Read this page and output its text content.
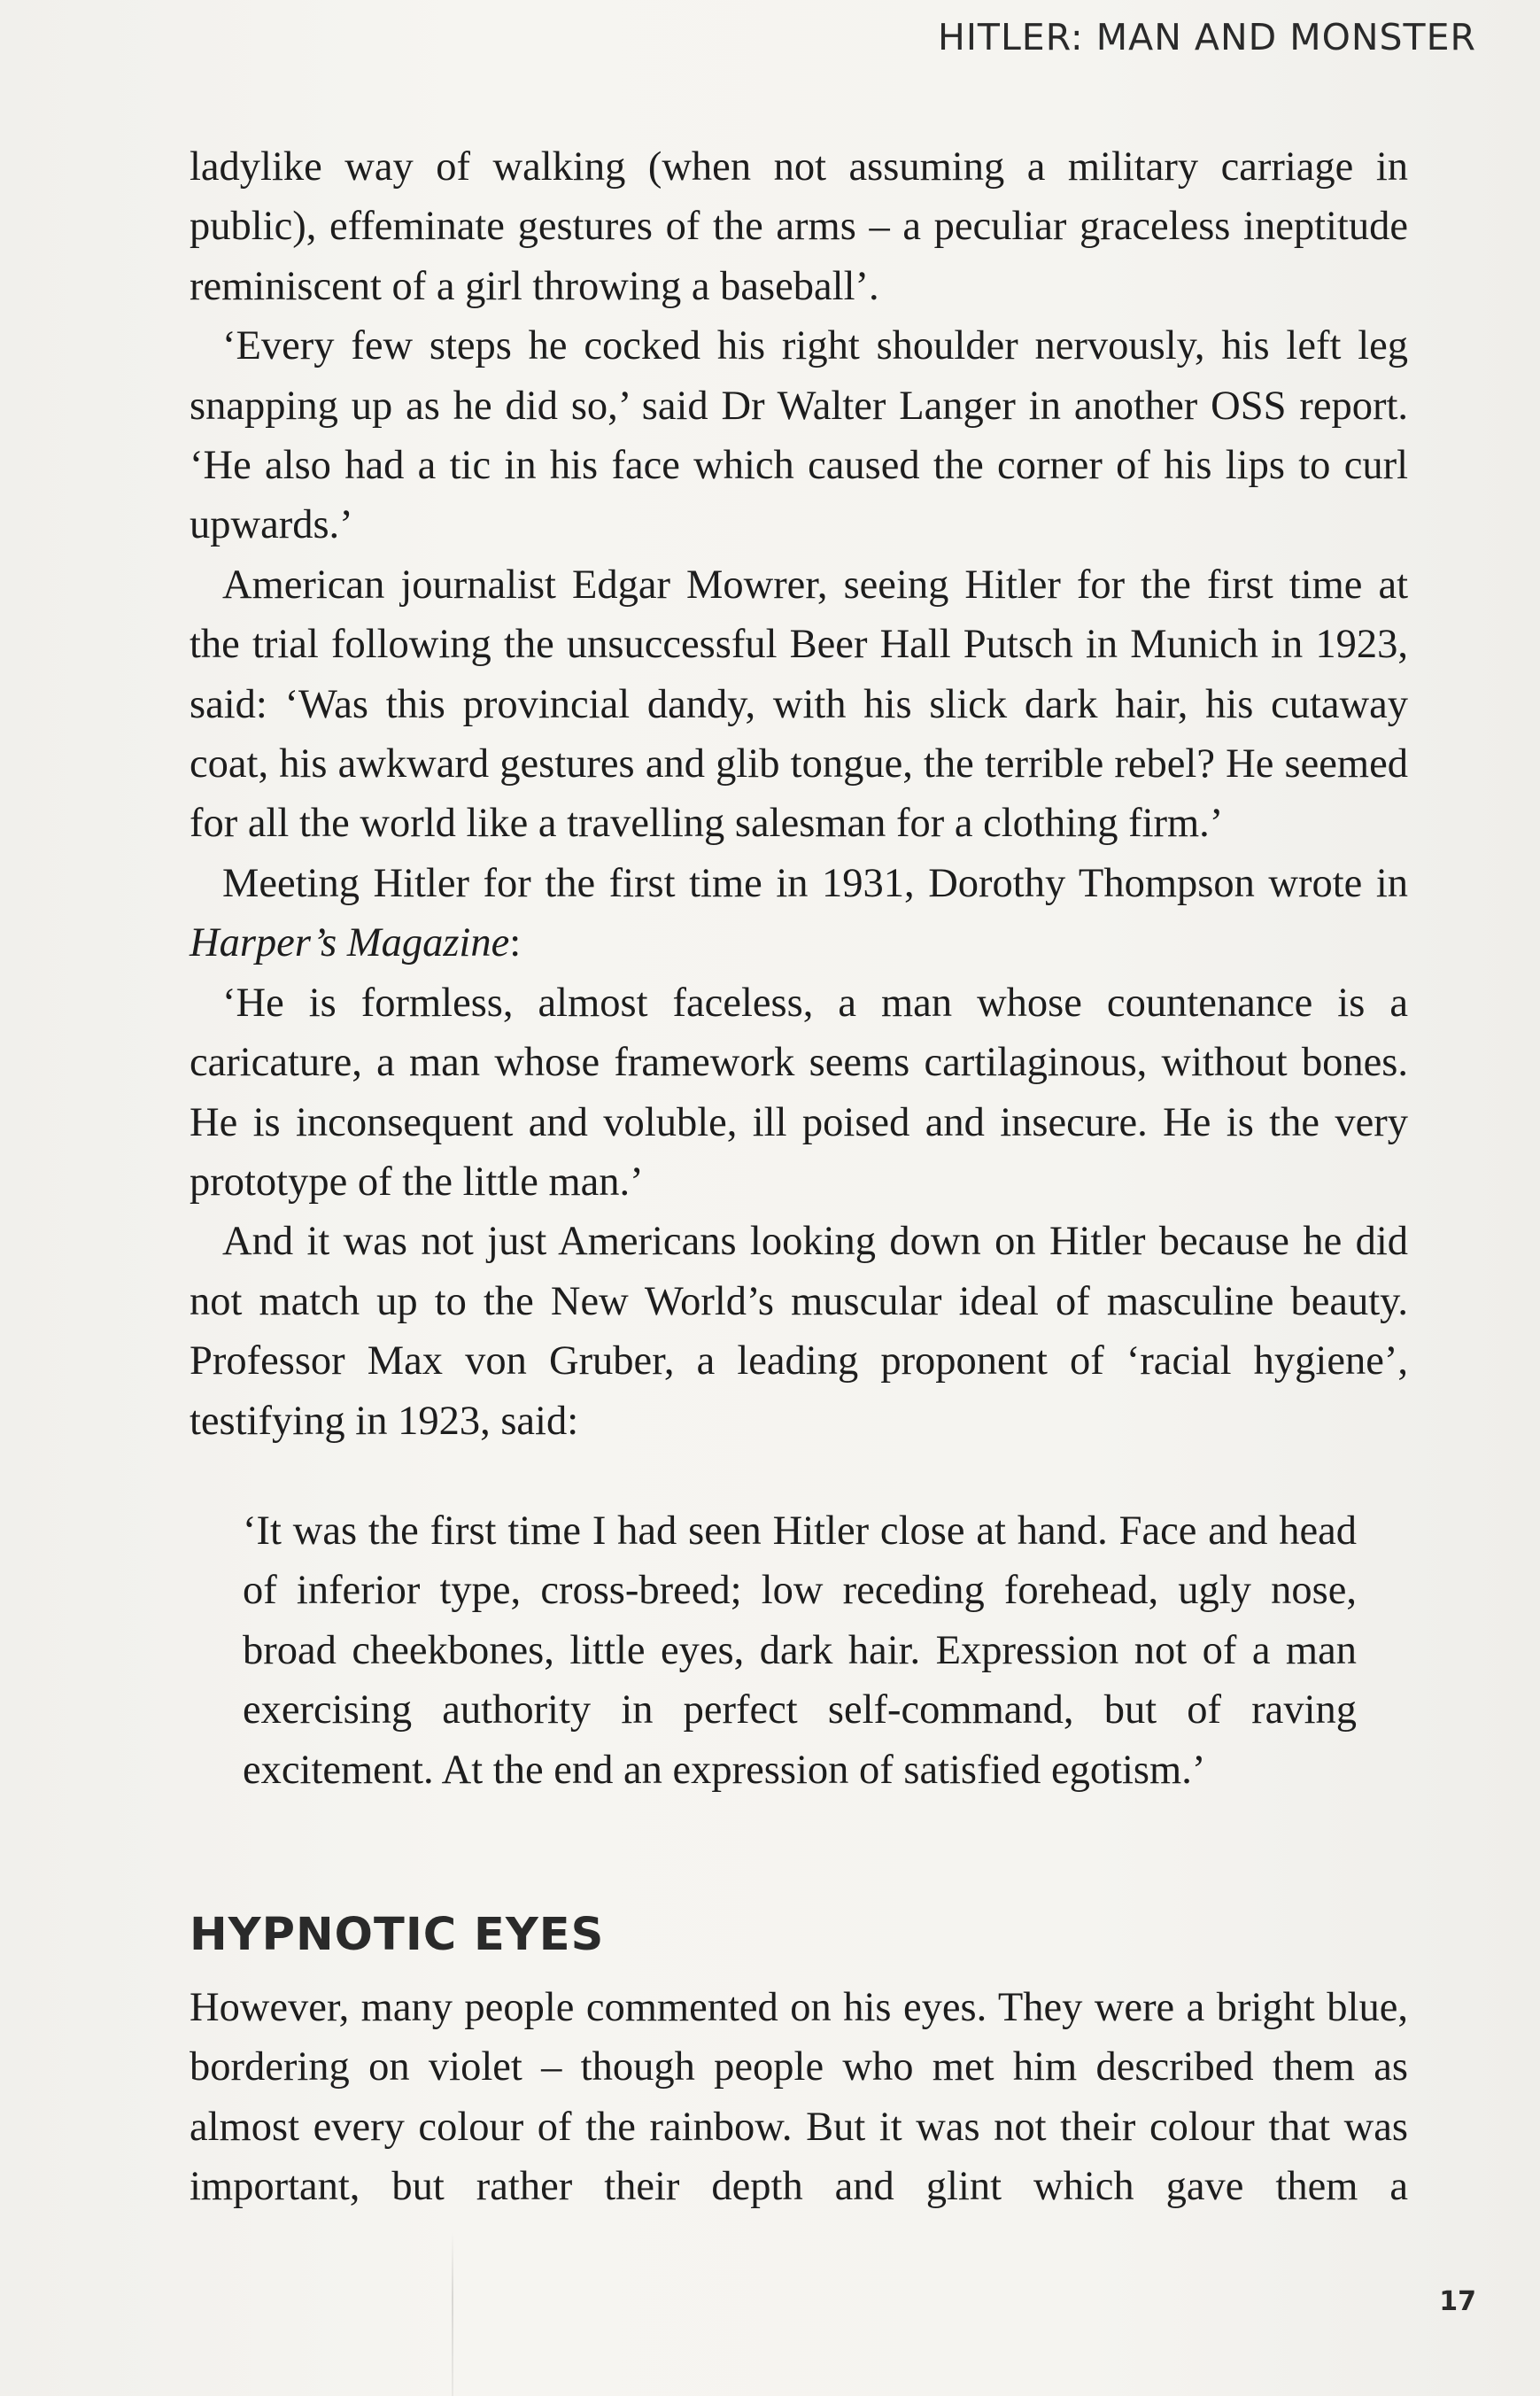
HITLER: MAN AND MONSTER

ladylike way of walking (when not assuming a military carriage in public), effeminate gestures of the arms – a peculiar graceless ineptitude reminiscent of a girl throwing a baseball’.

‘Every few steps he cocked his right shoulder nervously, his left leg snapping up as he did so,’ said Dr Walter Langer in another OSS report. ‘He also had a tic in his face which caused the corner of his lips to curl upwards.’

American journalist Edgar Mowrer, seeing Hitler for the first time at the trial following the unsuccessful Beer Hall Putsch in Munich in 1923, said: ‘Was this provincial dandy, with his slick dark hair, his cutaway coat, his awkward gestures and glib tongue, the terrible rebel? He seemed for all the world like a travelling salesman for a clothing firm.’

Meeting Hitler for the first time in 1931, Dorothy Thompson wrote in Harper’s Magazine:

‘He is formless, almost faceless, a man whose countenance is a caricature, a man whose framework seems cartilaginous, without bones. He is inconsequent and voluble, ill poised and insecure. He is the very prototype of the little man.’

And it was not just Americans looking down on Hitler because he did not match up to the New World’s muscular ideal of masculine beauty. Professor Max von Gruber, a leading proponent of ‘racial hygiene’, testifying in 1923, said:

‘It was the first time I had seen Hitler close at hand. Face and head of inferior type, cross-breed; low receding forehead, ugly nose, broad cheekbones, little eyes, dark hair. Expression not of a man exercising authority in perfect self-command, but of raving excitement. At the end an expression of satisfied egotism.’

HYPNOTIC EYES

However, many people commented on his eyes. They were a bright blue, bordering on violet – though people who met him described them as almost every colour of the rainbow. But it was not their colour that was important, but rather their depth and glint which gave them a

17
